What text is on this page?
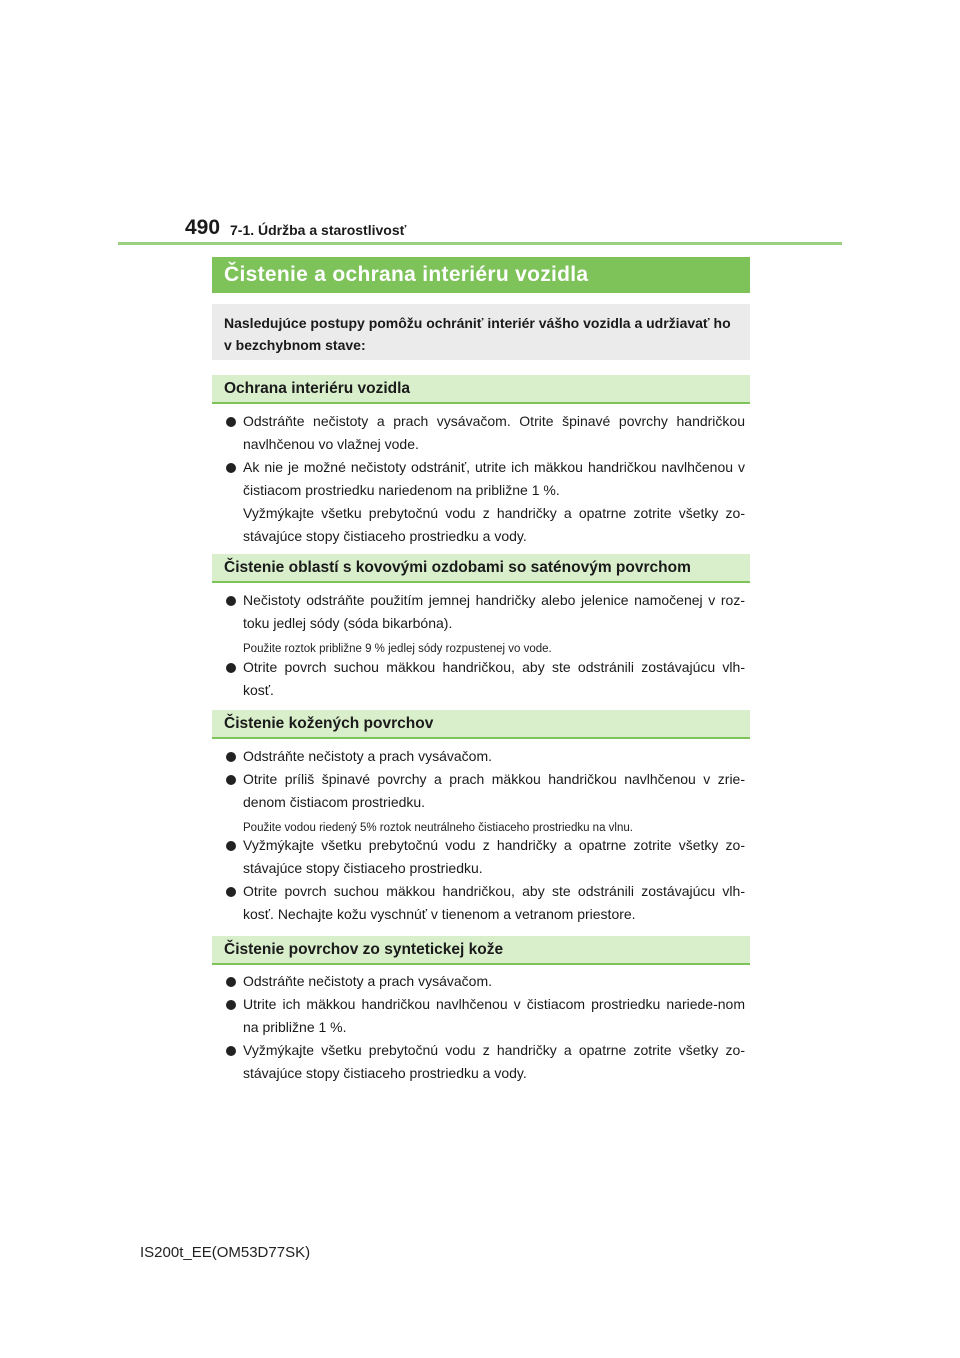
490 7-1. Údržba a starostlivosť
Čistenie a ochrana interiéru vozidla
Nasledujúce postupy pomôžu ochrániť interiér vášho vozidla a udržiavať ho v bezchybnom stave:
Ochrana interiéru vozidla

Odstráňte nečistoty a prach vysávačom. Otrite špinavé povrchy handričkou navlhčenou vo vlažnej vode.

Ak nie je možné nečistoty odstrániť, utrite ich mäkkou handričkou navlhčenou v čistiacom prostriedku nariedenom na približne 1 %.

Vyžmýkajte všetku prebytočnú vodu z handričky a opatrne zotrite všetky zo-stávajúce stopy čistiaceho prostriedku a vody.

Čistenie oblastí s kovovými ozdobami so saténovým povrchom

Nečistoty odstráňte použitím jemnej handričky alebo jelenice namočenej v roz-toku jedlej sódy (sóda bikarbóna).

Použite roztok približne 9 % jedlej sódy rozpustenej vo vode.

Otrite povrch suchou mäkkou handričkou, aby ste odstránili zostávajúcu vlh-kosť.

Čistenie kožených povrchov

Odstráňte nečistoty a prach vysávačom.

Otrite príliš špinavé povrchy a prach mäkkou handričkou navlhčenou v zrie-denom čistiacom prostriedku.

Použite vodou riedený 5% roztok neutrálneho čistiaceho prostriedku na vlnu.

Vyžmýkajte všetku prebytočnú vodu z handričky a opatrne zotrite všetky zo-stávajúce stopy čistiaceho prostriedku.

Otrite povrch suchou mäkkou handričkou, aby ste odstránili zostávajúcu vlh-kosť. Nechajte kožu vyschnúť v tienenom a vetranom priestore.

Čistenie povrchov zo syntetickej kože

Odstráňte nečistoty a prach vysávačom.

Utrite ich mäkkou handričkou navlhčenou v čistiacom prostriedku nariede-nom na približne 1 %.

Vyžmýkajte všetku prebytočnú vodu z handričky a opatrne zotrite všetky zo-stávajúce stopy čistiaceho prostriedku a vody.

IS200t_EE(OM53D77SK)
